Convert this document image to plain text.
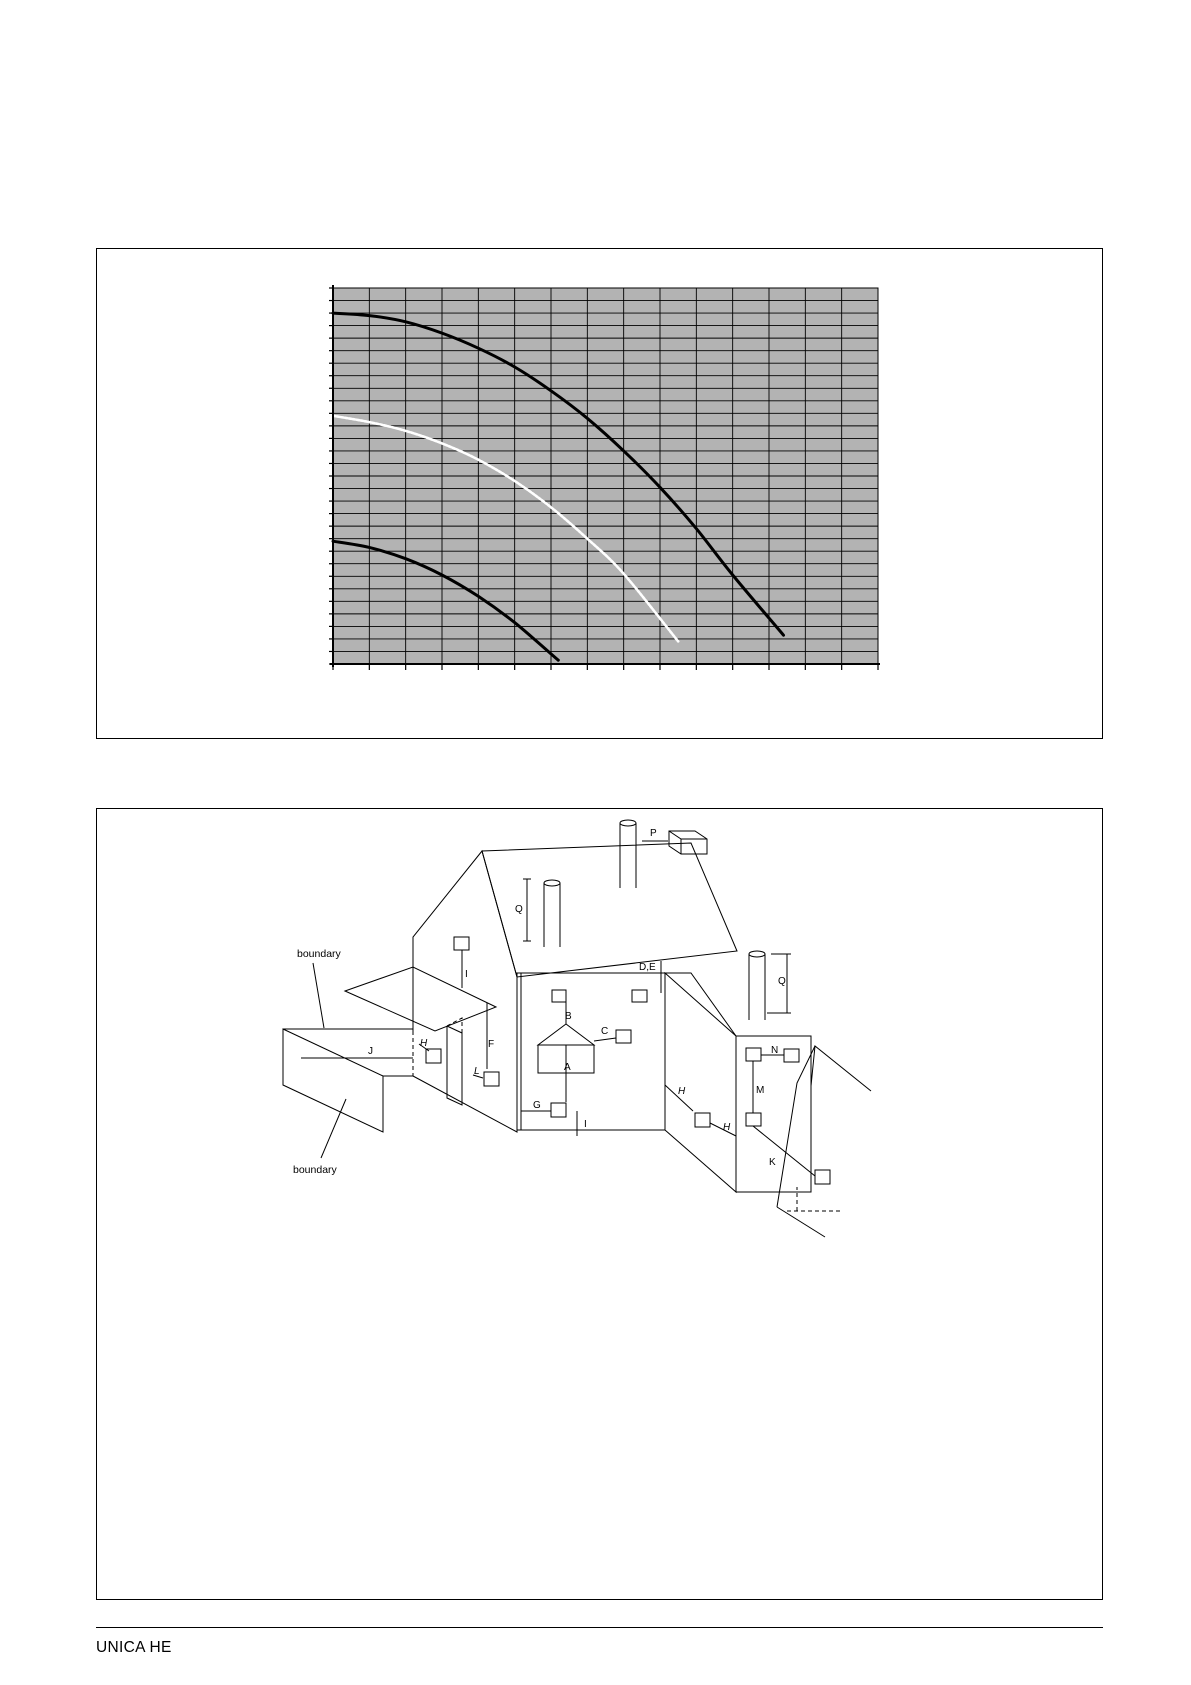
boundary
boundary
P
Q
Q
D,E
I
B
C
A
F
J
H
L
G
I
H
H
N
M
K
UNICA HE
